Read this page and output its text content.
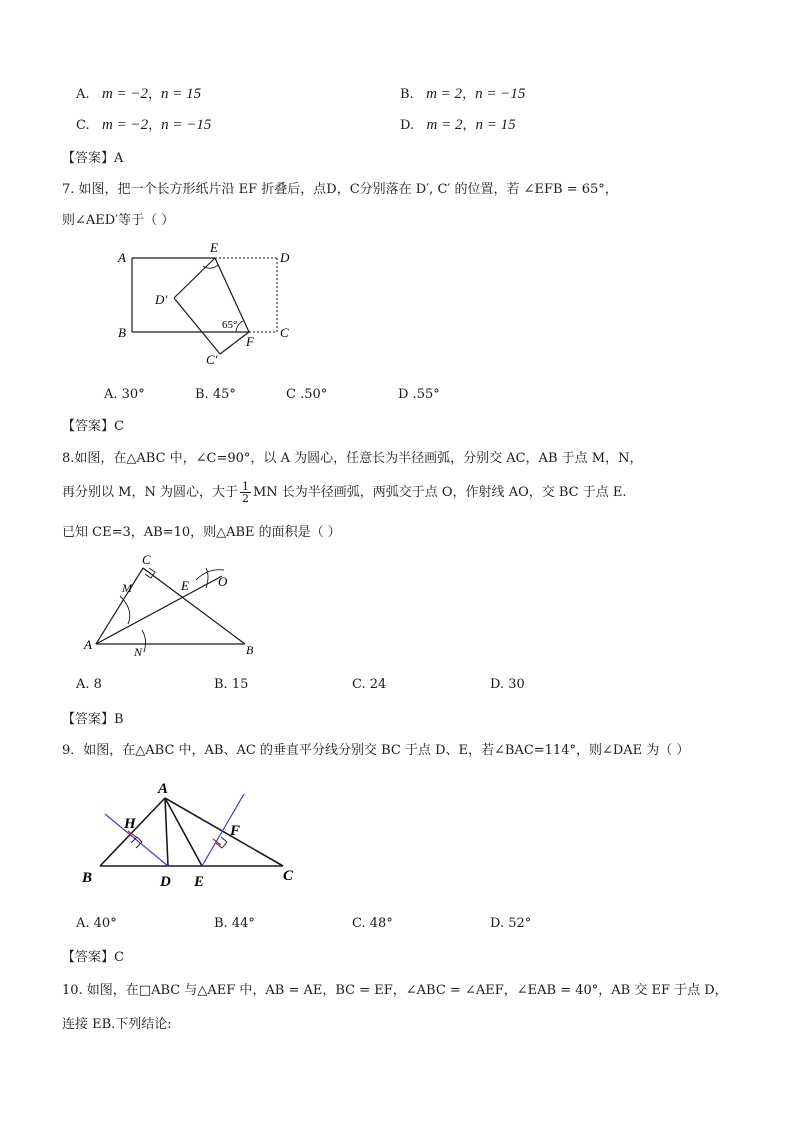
A. m = −2，n = 15	B. m = 2，n = −15
C. m = −2，n = −15	D. m = 2，n = 15
【答案】A
7. 如图，把一个长方形纸片沿 EF 折叠后，点D，C分别落在 D′, C′ 的位置，若 ∠EFB = 65°，
则∠AED′等于（ ）
A
E
D
D′
B	C
F
C′
65°
A. 30°	B. 45°	C .50°	D .55°
【答案】C
8.如图，在△ABC 中，∠C=90°，以 A 为圆心，任意长为半径画弧，分别交 AC，AB 于点 M，N，
再分别以 M，N 为圆心，大于 $\frac{1}{2}$ MN 长为半径画弧，两弧交于点 O，作射线 AO，交 BC 于点 E.
已知 CE=3，AB=10，则△ABE 的面积是（ ）
A
C
M	E O
N	B
A. 8	B. 15	C. 24	D. 30
【答案】B
9．如图，在△ABC 中，AB、AC 的垂直平分线分别交 BC 于点 D、E，若∠BAC=114°，则∠DAE 为（ ）
A
H	F
B	D E	C
A. 40°	B. 44°	C. 48°	D. 52°
【答案】C
10. 如图，在□ABC 与△AEF 中，AB = AE，BC = EF，∠ABC = ∠AEF，∠EAB = 40°，AB 交 EF 于点 D，
连接 EB.下列结论:
